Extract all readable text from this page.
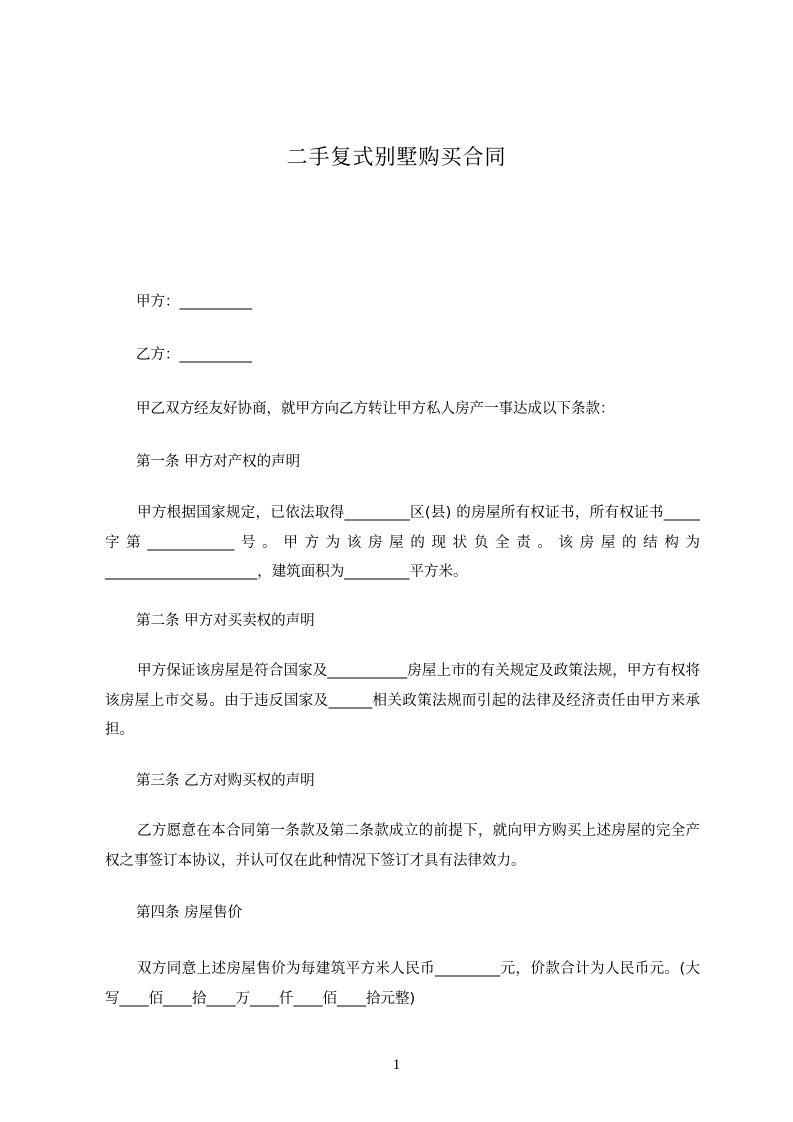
二手复式别墅购买合同
甲方：__________
乙方：__________
甲乙双方经友好协商，就甲方向乙方转让甲方私人房产一事达成以下条款：
第一条 甲方对产权的声明
甲方根据国家规定，已依法取得_________区(县) 的房屋所有权证书，所有权证书_____字第____________号。甲方为该房屋的现状负全责。该房屋的结构为_____________________，建筑面积为_________平方米。
第二条 甲方对买卖权的声明
甲方保证该房屋是符合国家及___________房屋上市的有关规定及政策法规，甲方有权将该房屋上市交易。由于违反国家及______相关政策法规而引起的法律及经济责任由甲方来承担。
第三条 乙方对购买权的声明
乙方愿意在本合同第一条款及第二条款成立的前提下，就向甲方购买上述房屋的完全产权之事签订本协议，并认可仅在此种情况下签订才具有法律效力。
第四条 房屋售价
双方同意上述房屋售价为每建筑平方米人民币_________元，价款合计为人民币元。(大写____佰____拾____万____仟____佰____拾元整)
1
